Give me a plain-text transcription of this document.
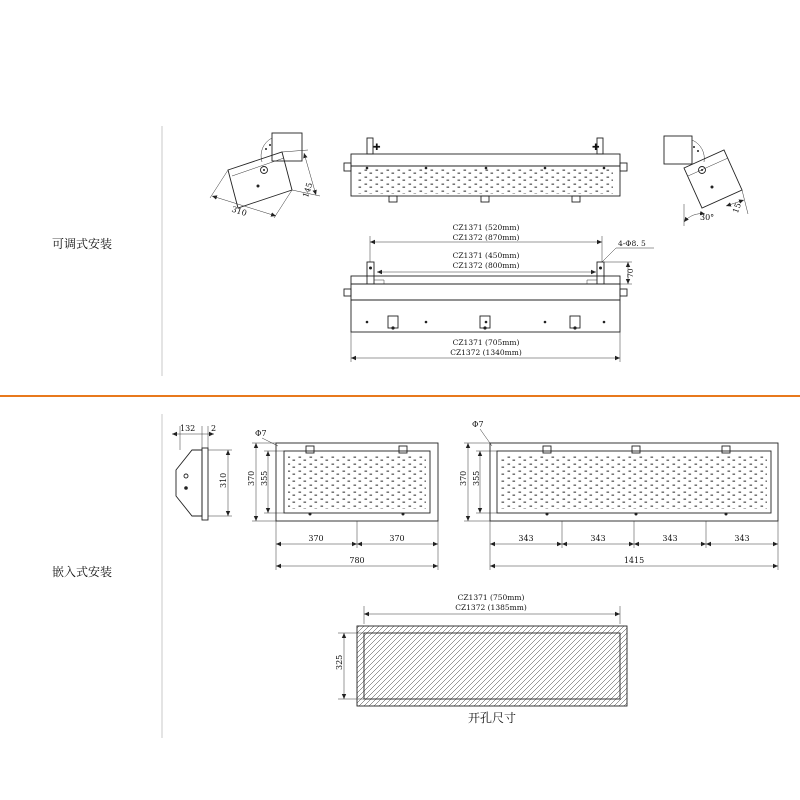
可调式安装
嵌入式安装
310
145
30°
15
✚	✚
CZ1371 (520mm)
CZ1372 (870mm)
CZ1371 (450mm)
CZ1372 (800mm)
4-Φ8. 5
70
CZ1371 (705mm)
CZ1372 (1340mm)
132 2
310
Φ7
370 355
370	370
780
Φ7
370 355
343	343	343	343
1415
CZ1371 (750mm)
CZ1372 (1385mm)
325
开孔尺寸
